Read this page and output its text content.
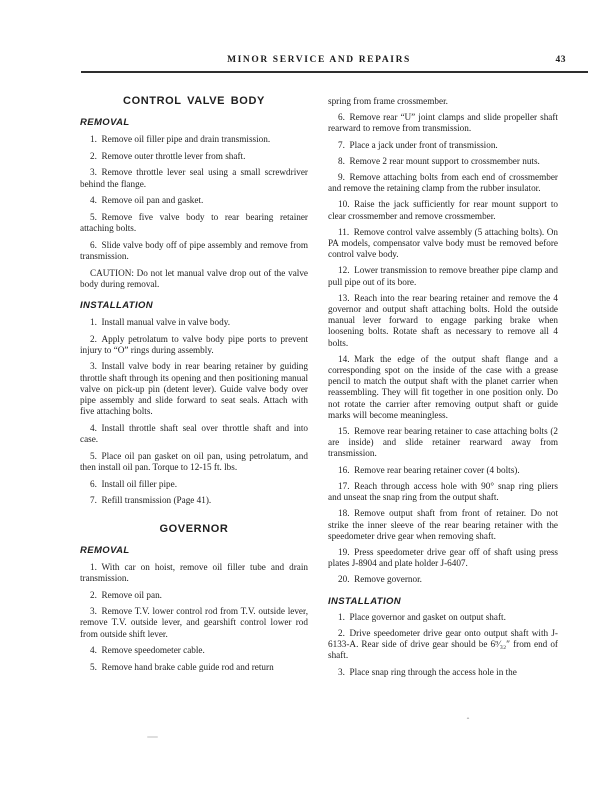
MINOR SERVICE AND REPAIRS	43
CONTROL VALVE BODY
REMOVAL

1. Remove oil filler pipe and drain transmission.

2. Remove outer throttle lever from shaft.

3. Remove throttle lever seal using a small screwdriver behind the flange.

4. Remove oil pan and gasket.

5. Remove five valve body to rear bearing retainer attaching bolts.

6. Slide valve body off of pipe assembly and remove from transmission.

CAUTION: Do not let manual valve drop out of the valve body during removal.

INSTALLATION

1. Install manual valve in valve body.

2. Apply petrolatum to valve body pipe ports to prevent injury to “O” rings during assembly.

3. Install valve body in rear bearing retainer by guiding throttle shaft through its opening and then positioning manual valve on pick-up pin (detent lever). Guide valve body over pipe assembly and slide forward to seat seals. Attach with five attaching bolts.

4. Install throttle shaft seal over throttle shaft and into case.

5. Place oil pan gasket on oil pan, using petrolatum, and then install oil pan. Torque to 12-15 ft. lbs.

6. Install oil filler pipe.

7. Refill transmission (Page 41).

GOVERNOR
REMOVAL

1. With car on hoist, remove oil filler tube and drain transmission.

2. Remove oil pan.

3. Remove T.V. lower control rod from T.V. outside lever, remove T.V. outside lever, and gearshift control lower rod from outside shift lever.

4. Remove speedometer cable.

5. Remove hand brake cable guide rod and return

spring from frame crossmember.

6. Remove rear “U” joint clamps and slide propeller shaft rearward to remove from transmission.

7. Place a jack under front of transmission.

8. Remove 2 rear mount support to crossmember nuts.

9. Remove attaching bolts from each end of crossmember and remove the retaining clamp from the rubber insulator.

10. Raise the jack sufficiently for rear mount support to clear crossmember and remove crossmember.

11. Remove control valve assembly (5 attaching bolts). On PA models, compensator valve body must be removed before control valve body.

12. Lower transmission to remove breather pipe clamp and pull pipe out of its bore.

13. Reach into the rear bearing retainer and remove the 4 governor and output shaft attaching bolts. Hold the outside manual lever forward to engage parking brake when loosening bolts. Rotate shaft as necessary to remove all 4 bolts.

14. Mark the edge of the output shaft flange and a corresponding spot on the inside of the case with a grease pencil to match the output shaft with the planet carrier when reassembling. They will fit together in one position only. Do not rotate the carrier after removing output shaft or guide marks will become meaningless.

15. Remove rear bearing retainer to case attaching bolts (2 are inside) and slide retainer rearward away from transmission.

16. Remove rear bearing retainer cover (4 bolts).

17. Reach through access hole with 90° snap ring pliers and unseat the snap ring from the output shaft.

18. Remove output shaft from front of retainer. Do not strike the inner sleeve of the rear bearing retainer with the speedometer drive gear when removing shaft.

19. Press speedometer drive gear off of shaft using press plates J-8904 and plate holder J-6407.

20. Remove governor.

INSTALLATION

1. Place governor and gasket on output shaft.

2. Drive speedometer drive gear onto output shaft with J-6133-A. Rear side of drive gear should be 6⁹⁄₃₂″ from end of shaft.

3. Place snap ring through the access hole in the

ˆ
